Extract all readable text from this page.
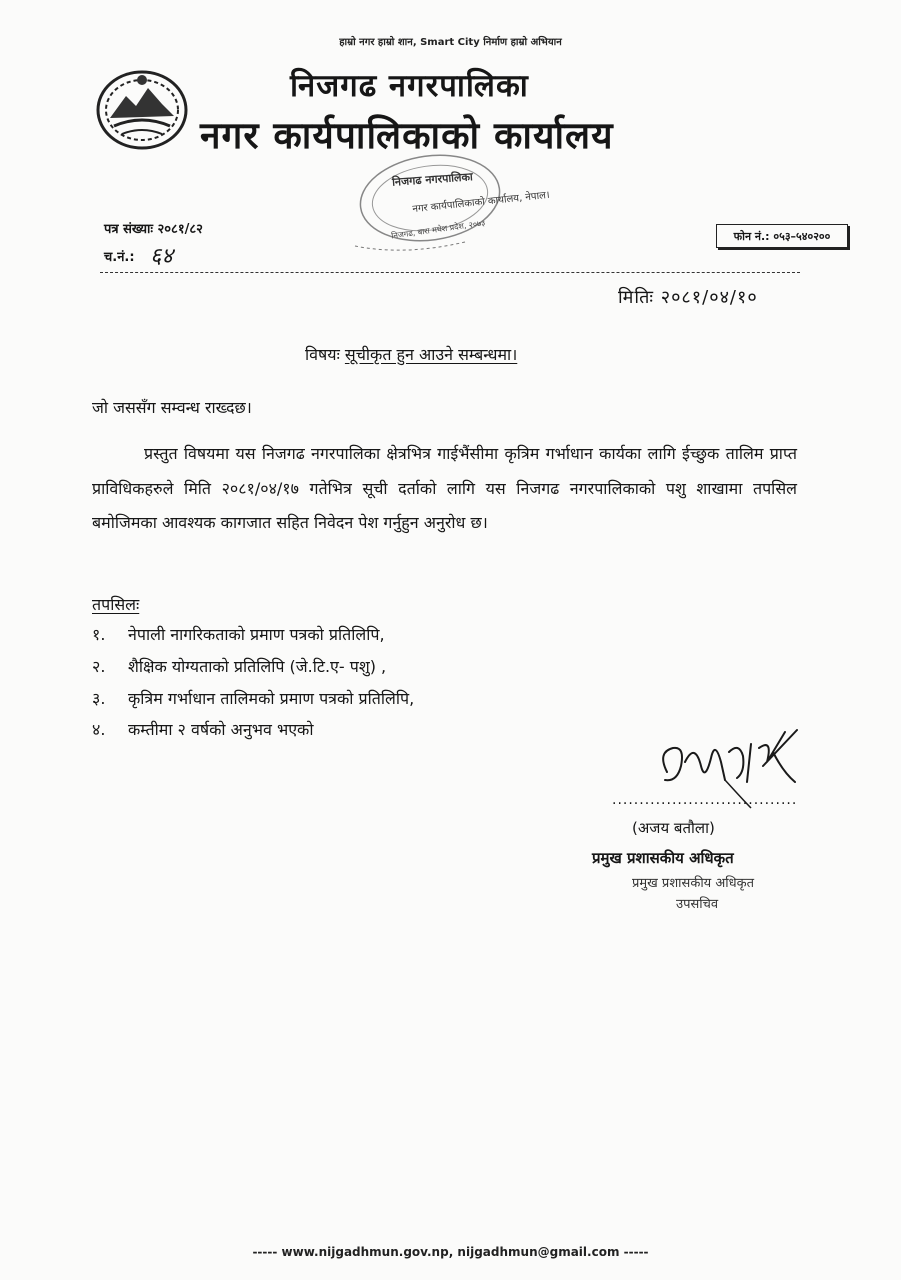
हाम्रो नगर हाम्रो शान, Smart City निर्माण हाम्रो अभियान
निजगढ नगरपालिका
नगर कार्यपालिकाको कार्यालय
निजगढ नगरपालिका
नगर कार्यपालिकाको कार्यालय, नेपाल।
निजगढ, बारा मधेश प्रदेश, २०७३
पत्र संख्याः २०८१/८२
च.नं.: ६४
फोन नं.: ०५३–५४०२००
मितिः २०८१/०४/१०
विषयः सूचीकृत हुन आउने सम्बन्धमा।
जो जससँग सम्वन्ध राख्दछ।
प्रस्तुत विषयमा यस निजगढ नगरपालिका क्षेत्रभित्र गाईभैंसीमा कृत्रिम गर्भाधान कार्यका लागि ईच्छुक तालिम प्राप्त प्राविधिकहरुले मिति २०८१/०४/१७ गतेभित्र सूची दर्ताको लागि यस निजगढ नगरपालिकाको पशु शाखामा तपसिल बमोजिमका आवश्यक कागजात सहित निवेदन पेश गर्नुहुन अनुरोध छ।
तपसिलः
१. नेपाली नागरिकताको प्रमाण पत्रको प्रतिलिपि,
२. शैक्षिक योग्यताको प्रतिलिपि (जे.टि.ए- पशु) ,
३. कृत्रिम गर्भाधान तालिमको प्रमाण पत्रको प्रतिलिपि,
४. कम्तीमा २ वर्षको अनुभव भएको
..................................
(अजय बतौला)
प्रमुख प्रशासकीय अधिकृत
प्रमुख प्रशासकीय अधिकृत
उपसचिव
----- www.nijgadhmun.gov.np, nijgadhmun@gmail.com -----
